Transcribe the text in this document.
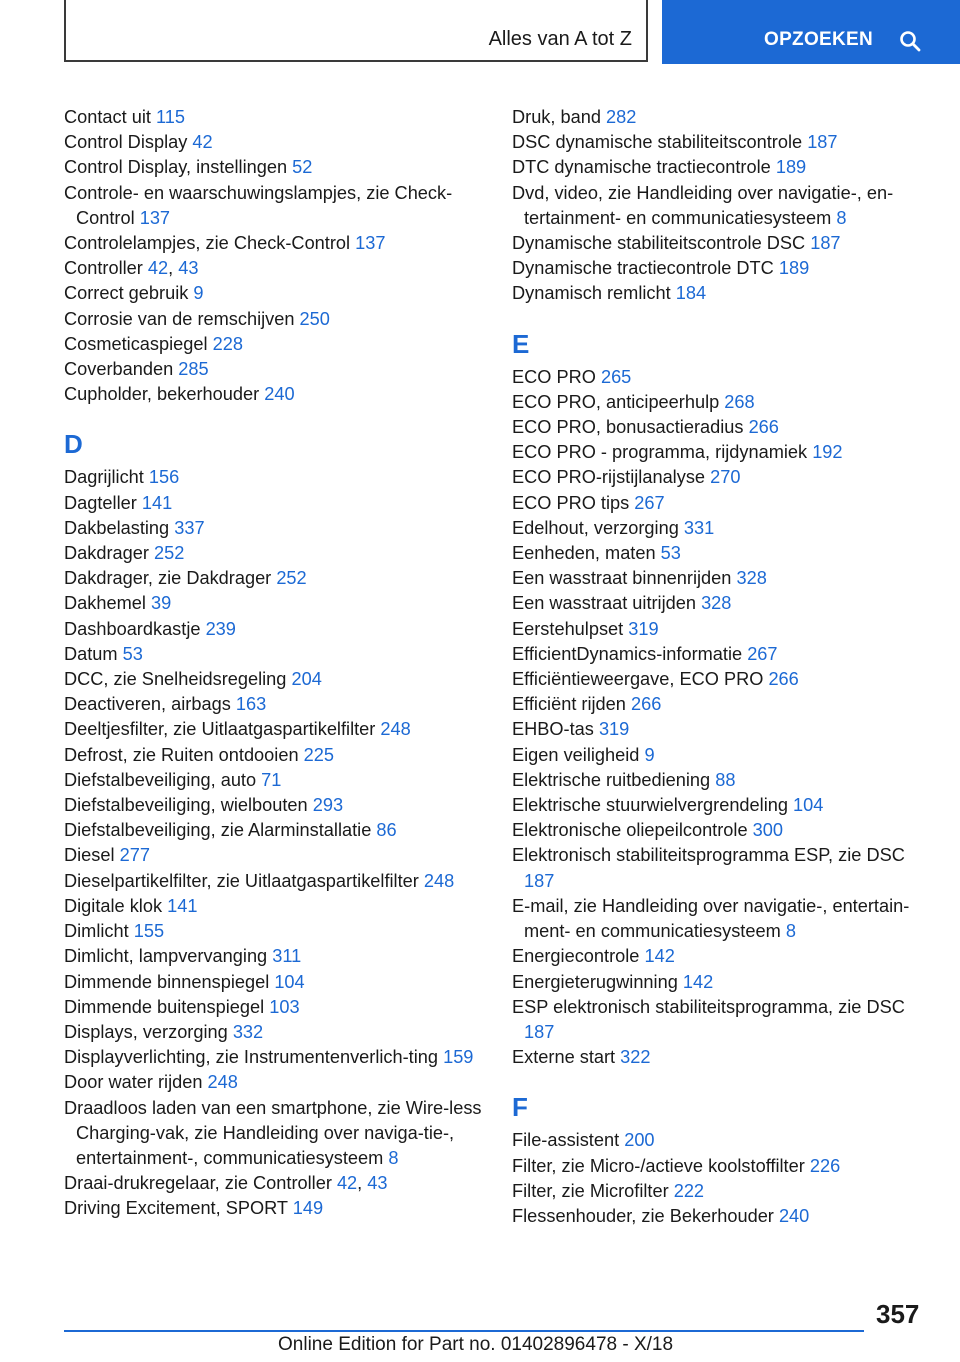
Alles van A tot Z	OPZOEKEN
Contact uit 115
Control Display 42
Control Display, instellingen 52
Controle- en waarschuwingslampjes, zie Check-Control 137
Controlelampjes, zie Check-Control 137
Controller 42, 43
Correct gebruik 9
Corrosie van de remschijven 250
Cosmeticaspiegel 228
Coverbanden 285
Cupholder, bekerhouder 240
D
Dagrijlicht 156
Dagteller 141
Dakbelasting 337
Dakdrager 252
Dakdrager, zie Dakdrager 252
Dakhemel 39
Dashboardkastje 239
Datum 53
DCC, zie Snelheidsregeling 204
Deactiveren, airbags 163
Deeltjesfilter, zie Uitlaatgaspartikelfilter 248
Defrost, zie Ruiten ontdooien 225
Diefstalbeveiliging, auto 71
Diefstalbeveiliging, wielbouten 293
Diefstalbeveiliging, zie Alarminstallatie 86
Diesel 277
Dieselpartikelfilter, zie Uitlaatgaspartikelfilter 248
Digitale klok 141
Dimlicht 155
Dimlicht, lampvervanging 311
Dimmende binnenspiegel 104
Dimmende buitenspiegel 103
Displays, verzorging 332
Displayverlichting, zie Instrumentenverlich-ting 159
Door water rijden 248
Draadloos laden van een smartphone, zie Wire-less Charging-vak, zie Handleiding over naviga-tie-, entertainment-, communicatiesysteem 8
Draai-drukregelaar, zie Controller 42, 43
Driving Excitement, SPORT 149
Druk, band 282
DSC dynamische stabiliteitscontrole 187
DTC dynamische tractiecontrole 189
Dvd, video, zie Handleiding over navigatie-, en-tertainment- en communicatiesysteem 8
Dynamische stabiliteitscontrole DSC 187
Dynamische tractiecontrole DTC 189
Dynamisch remlicht 184
E
ECO PRO 265
ECO PRO, anticipeerhulp 268
ECO PRO, bonusactieradius 266
ECO PRO - programma, rijdynamiek 192
ECO PRO-rijstijlanalyse 270
ECO PRO tips 267
Edelhout, verzorging 331
Eenheden, maten 53
Een wasstraat binnenrijden 328
Een wasstraat uitrijden 328
Eerstehulpset 319
EfficientDynamics-informatie 267
Efficiëntieweergave, ECO PRO 266
Efficiënt rijden 266
EHBO-tas 319
Eigen veiligheid 9
Elektrische ruitbediening 88
Elektrische stuurwielvergrendeling 104
Elektronische oliepeilcontrole 300
Elektronisch stabiliteitsprogramma ESP, zie DSC 187
E-mail, zie Handleiding over navigatie-, entertain-ment- en communicatiesysteem 8
Energiecontrole 142
Energieterugwinning 142
ESP elektronisch stabiliteitsprogramma, zie DSC 187
Externe start 322
F
File-assistent 200
Filter, zie Micro-/actieve koolstoffilter 226
Filter, zie Microfilter 222
Flessenhouder, zie Bekerhouder 240
357
Online Edition for Part no. 01402896478 - X/18
